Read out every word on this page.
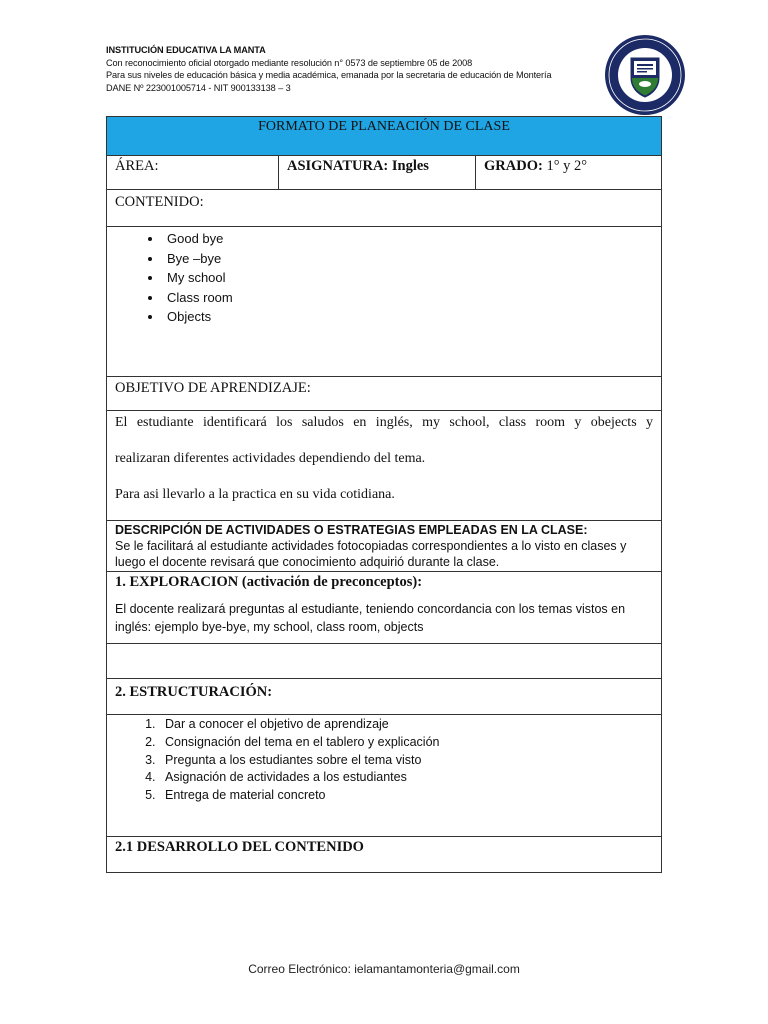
INSTITUCIÓN EDUCATIVA LA MANTA
Con reconocimiento oficial otorgado mediante resolución n° 0573 de septiembre 05 de 2008
Para sus niveles de educación básica y media académica, emanada por la secretaria de educación de Montería
DANE Nº 223001005714 - NIT 900133138 – 3
FORMATO DE PLANEACIÓN DE CLASE
ÁREA:	ASIGNATURA: Ingles	GRADO: 1° y 2°
CONTENIDO:

• Good bye
• Bye –bye
• My school
• Class room
• Objects

OBJETIVO DE APRENDIZAJE:

El estudiante identificará los saludos en inglés, my school, class room y obejects y

realizaran diferentes actividades dependiendo del tema.

Para asi llevarlo a la practica en su vida cotidiana.

DESCRIPCIÓN DE ACTIVIDADES O ESTRATEGIAS EMPLEADAS EN LA CLASE:
Se le facilitará al estudiante actividades fotocopiadas correspondientes a lo visto en clases y luego el docente revisará que conocimiento adquirió durante la clase.

1. EXPLORACION (activación de preconceptos):
El docente realizará preguntas al estudiante, teniendo concordancia con los temas vistos en inglés: ejemplo bye-bye, my school, class room, objects

2. ESTRUCTURACIÓN:

1. Dar a conocer el objetivo de aprendizaje
2. Consignación del tema en el tablero y explicación
3. Pregunta a los estudiantes sobre el tema visto
4. Asignación de actividades a los estudiantes
5. Entrega de material concreto

2.1 DESARROLLO DEL CONTENIDO
Correo Electrónico: ielamantamonteria@gmail.com
